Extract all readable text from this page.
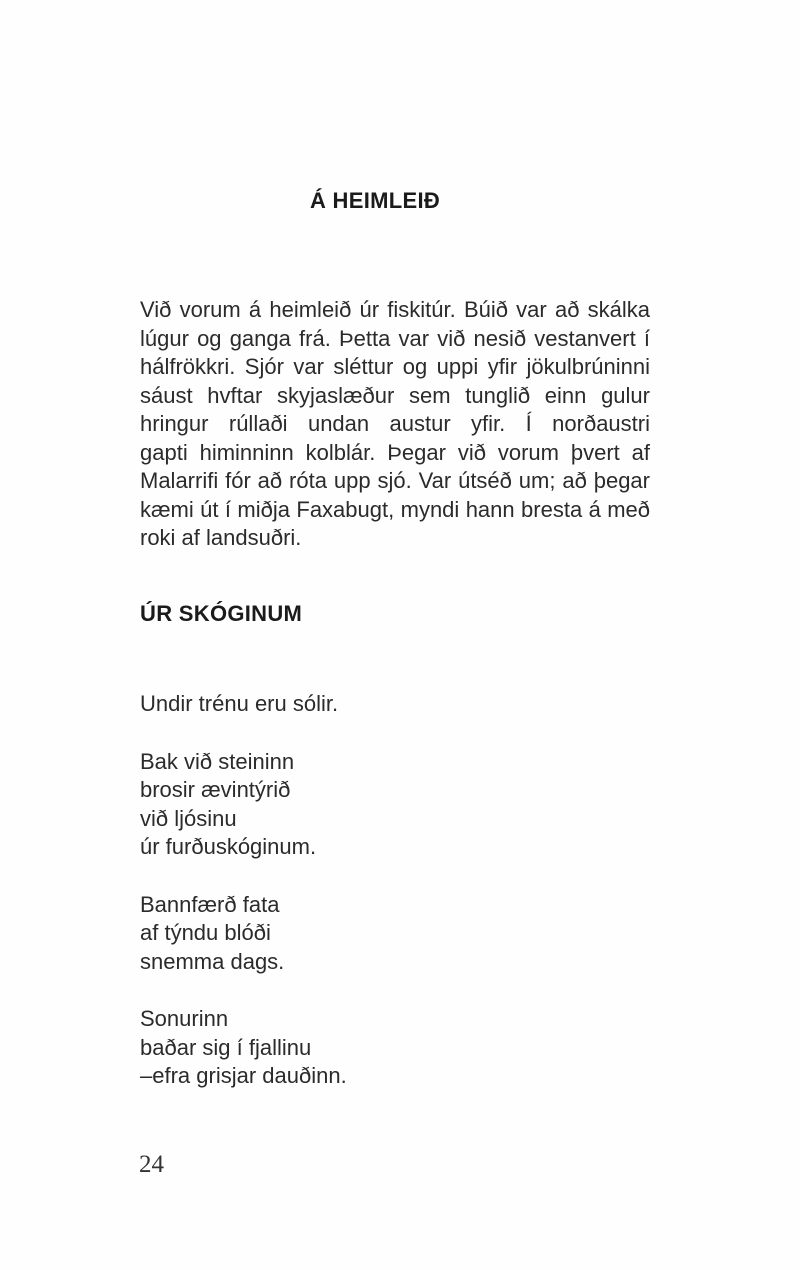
Á HEIMLEIÐ
Við vorum á heimleið úr fiskitúr. Búið var að skálka
lúgur og ganga frá. Þetta var við nesið vestanvert í
hálfrökkri. Sjór var sléttur og uppi yfir jökulbrúninni
sáust hvftar skyjaslæður sem tunglið einn gulur
hringur rúllaði undan austur yfir. Í norðaustri
gapti himinninn kolblár. Þegar við vorum þvert af
Malarrifi fór að róta upp sjó. Var útséð um; að þegar
kæmi út í miðja Faxabugt, myndi hann bresta á með
roki af landsuðri.
ÚR SKÓGINUM
Undir trénu eru sólir.
Bak við steininn
brosir ævintýrið
við ljósinu
úr furðuskóginum.
Bannfærð fata
af týndu blóði
snemma dags.
Sonurinn
baðar sig í fjallinu
–efra grisjar dauðinn.
24
